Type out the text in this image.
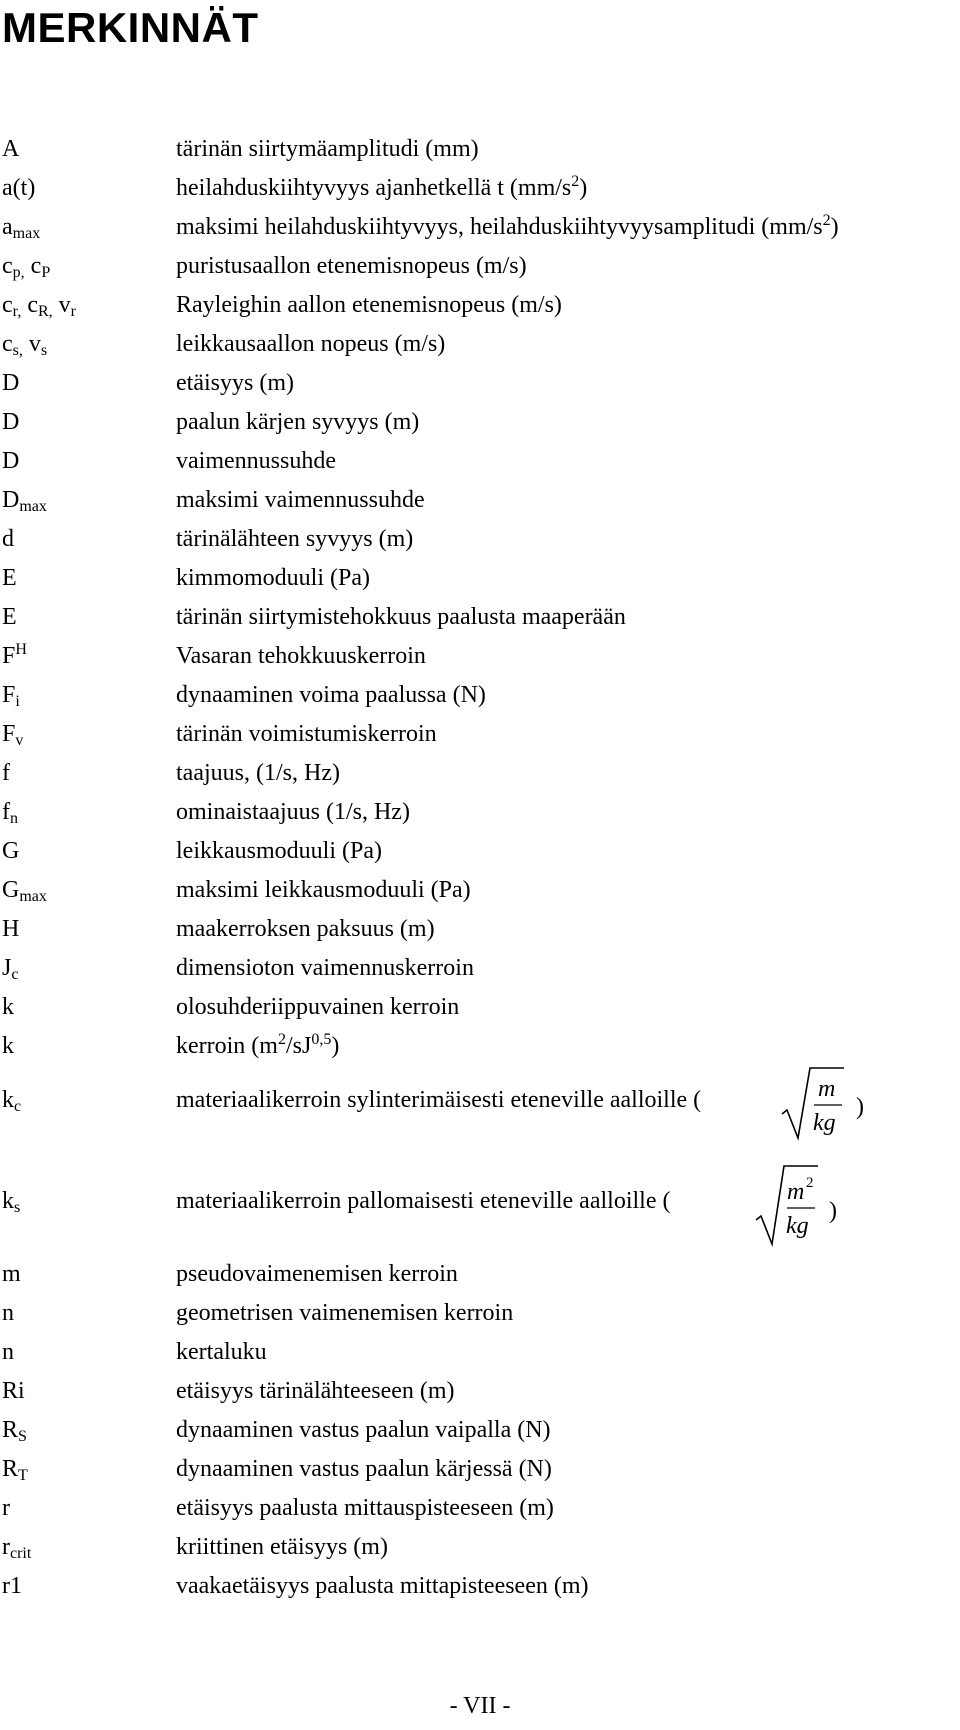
MERKINNÄT
A	tärinän siirtymäamplitudi (mm)
a(t)	heilahduskiihtyvyys ajanhetkellä t $(mm/s^2)$
$a_{max}$	maksimi heilahduskiihtyvyys, heilahduskiihtyvyysamplitudi $(mm/s^2)$
$c_{p,}$ $c_P$	puristusaallon etenemisnopeus (m/s)
$c_{r,}$ $c_{R,}$ $v_r$	Rayleighin aallon etenemisnopeus (m/s)
$c_{s,}$ $v_s$	leikkausaallon nopeus (m/s)
D	etäisyys (m)
D	paalun kärjen syvyys (m)
D	vaimennussuhde
$D_{max}$	maksimi vaimennussuhde
d	tärinälähteen syvyys (m)
E	kimmomoduuli (Pa)
E	tärinän siirtymistehokkuus paalusta maaperään
$F^H$	Vasaran tehokkuuskerroin
$F_i$	dynaaminen voima paalussa (N)
$F_v$	tärinän voimistumiskerroin
f	taajuus, (1/s, Hz)
$f_n$	ominaistaajuus (1/s, Hz)
G	leikkausmoduuli (Pa)
$G_{max}$	maksimi leikkausmoduuli (Pa)
H	maakerroksen paksuus (m)
$J_c$	dimensioton vaimennuskerroin
k	olosuhderiippuvainen kerroin
k	kerroin $(m^2/sJ^{0,5})$
$k_c$	materiaalikerroin sylinterimäisesti eteneville aalloille (	m
kg
)
$k_s$	materiaalikerroin pallomaisesti eteneville aalloille (	m 2
kg
)
m	pseudovaimenemisen kerroin
n	geometrisen vaimenemisen kerroin
n	kertaluku
Ri	etäisyys tärinälähteeseen (m)
$R_S$	dynaaminen vastus paalun vaipalla (N)
$R_T$	dynaaminen vastus paalun kärjessä (N)
r	etäisyys paalusta mittauspisteeseen (m)
$r_{crit}$	kriittinen etäisyys (m)
r1	vaakaetäisyys paalusta mittapisteeseen (m)
- VII -
